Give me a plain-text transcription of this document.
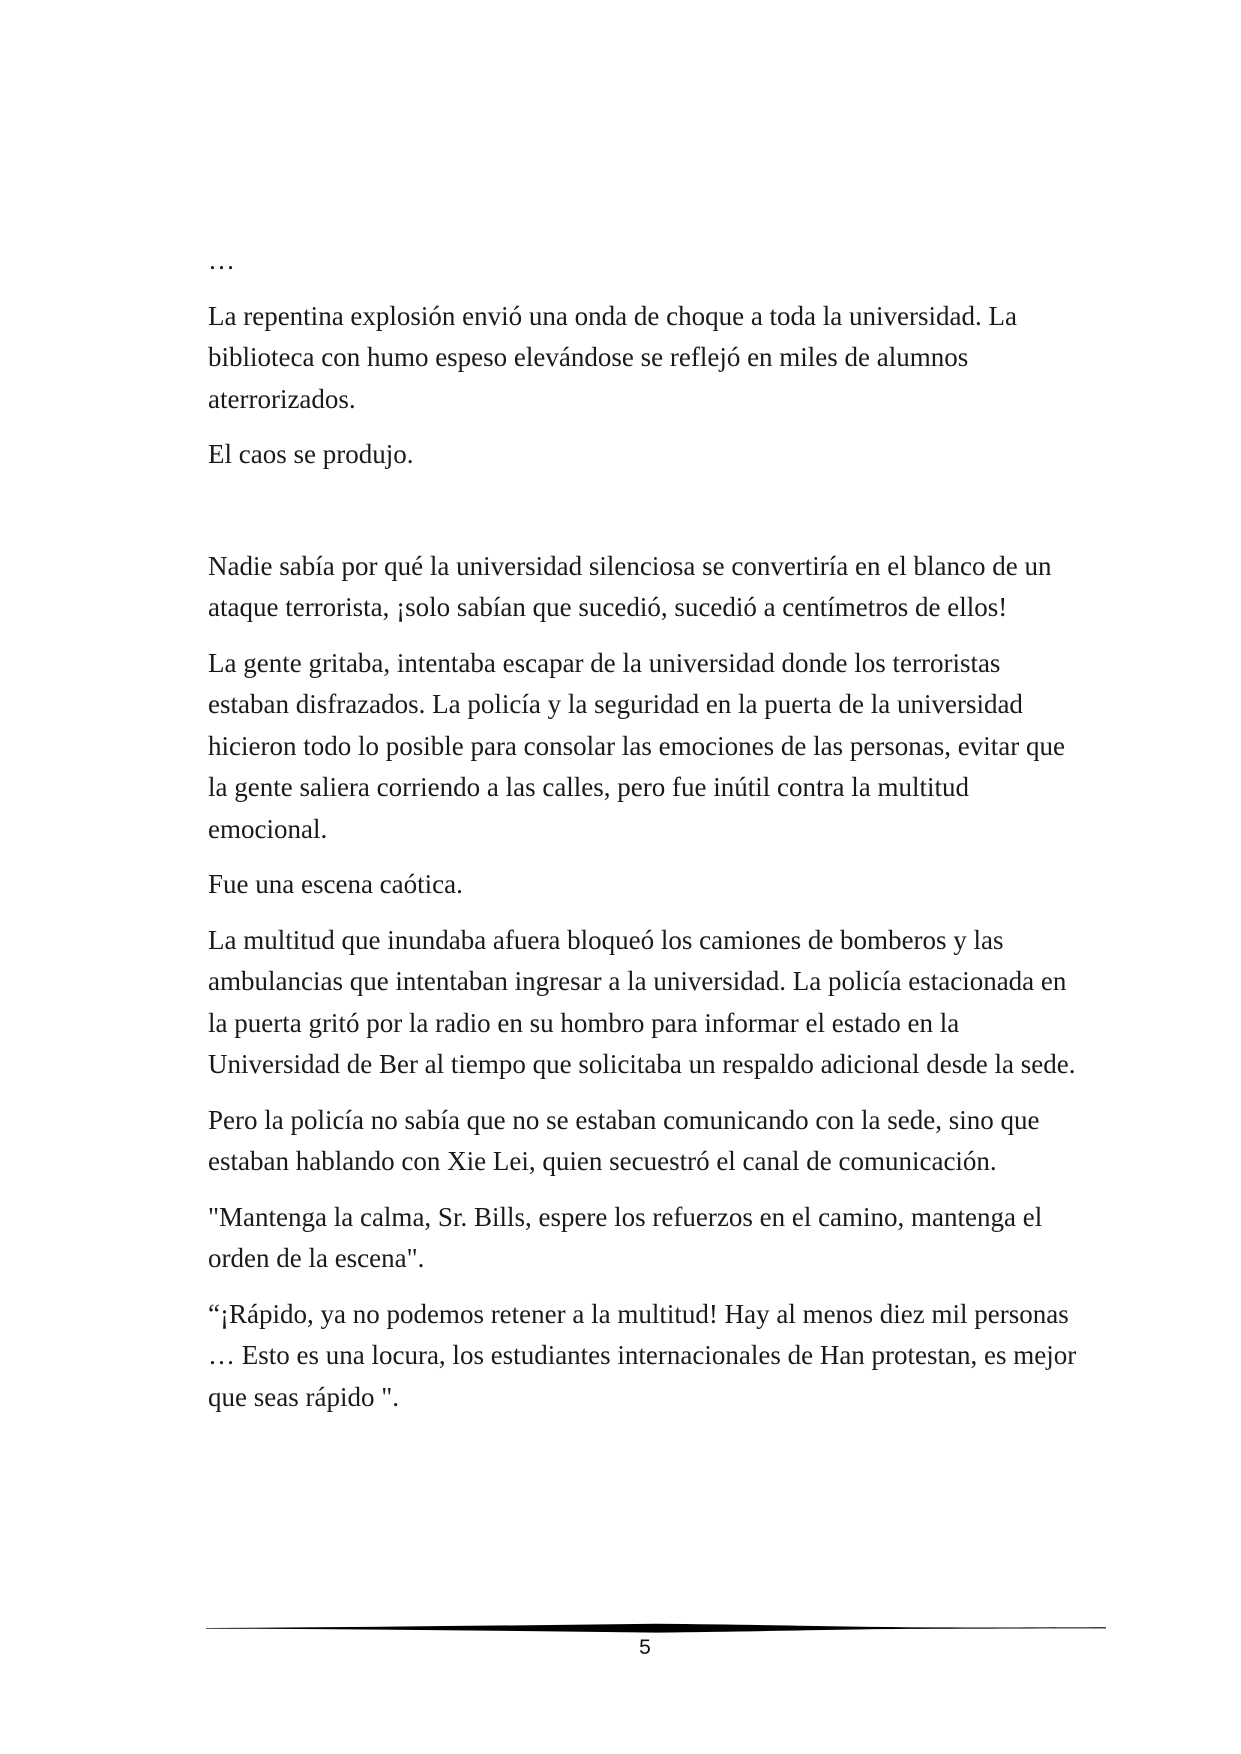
…

La repentina explosión envió una onda de choque a toda la universidad. La biblioteca con humo espeso elevándose se reflejó en miles de alumnos aterrorizados.

El caos se produjo.

Nadie sabía por qué la universidad silenciosa se convertiría en el blanco de un ataque terrorista, ¡solo sabían que sucedió, sucedió a centímetros de ellos!

La gente gritaba, intentaba escapar de la universidad donde los terroristas estaban disfrazados. La policía y la seguridad en la puerta de la universidad hicieron todo lo posible para consolar las emociones de las personas, evitar que la gente saliera corriendo a las calles, pero fue inútil contra la multitud emocional.

Fue una escena caótica.

La multitud que inundaba afuera bloqueó los camiones de bomberos y las ambulancias que intentaban ingresar a la universidad. La policía estacionada en la puerta gritó por la radio en su hombro para informar el estado en la Universidad de Ber al tiempo que solicitaba un respaldo adicional desde la sede.

Pero la policía no sabía que no se estaban comunicando con la sede, sino que estaban hablando con Xie Lei, quien secuestró el canal de comunicación.

"Mantenga la calma, Sr. Bills, espere los refuerzos en el camino, mantenga el orden de la escena".

“¡Rápido, ya no podemos retener a la multitud! Hay al menos diez mil personas … Esto es una locura, los estudiantes internacionales de Han protestan, es mejor que seas rápido ".

5
